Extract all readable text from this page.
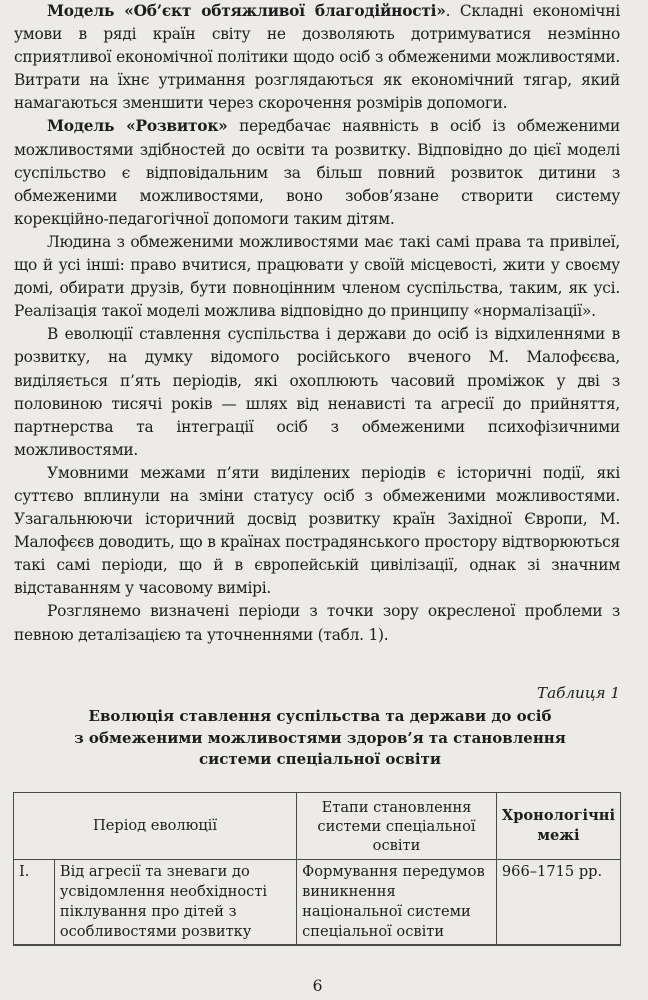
Модель «Об’єкт обтяжливої благодійності». Складні економічні умови в ряді країн світу не дозволяють дотримуватися незмінно сприятливої економічної політики щодо осіб з обмеженими можливостями. Витрати на їхнє утримання розглядаються як економічний тягар, який намагаються зменшити через скорочення розмірів допомоги.

Модель «Розвиток» передбачає наявність в осіб із обмеженими можливостями здібностей до освіти та розвитку. Відповідно до цієї моделі суспільство є відповідальним за більш повний розвиток дитини з обмеженими можливостями, воно зобов’язане створити систему корекційно-педагогічної допомоги таким дітям.

Людина з обмеженими можливостями має такі самі права та привілеї, що й усі інші: право вчитися, працювати у своїй місцевості, жити у своєму домі, обирати друзів, бути повноцінним членом суспільства, таким, як усі. Реалізація такої моделі можлива відповідно до принципу «нормалізації».

В еволюції ставлення суспільства і держави до осіб із відхиленнями в розвитку, на думку відомого російського вченого М. Малофєєва, виділяється п’ять періодів, які охоплюють часовий проміжок у дві з половиною тисячі років — шлях від ненависті та агресії до прийняття, партнерства та інтеграції осіб з обмеженими психофізичними можливостями.

Умовними межами п’яти виділених періодів є історичні події, які суттєво вплинули на зміни статусу осіб з обмеженими можливостями. Узагальнюючи історичний досвід розвитку країн Західної Європи, М. Малофєєв доводить, що в країнах пострадянського простору відтворюються такі самі періоди, що й в європейській цивілізації, однак зі значним відставанням у часовому вимірі.

Розглянемо визначені періоди з точки зору окресленої проблеми з певною деталізацією та уточненнями (табл. 1).

Таблиця 1
Еволюція ставлення суспільства та держави до осіб
з обмеженими можливостями здоров’я та становлення
системи спеціальної освіти
Період еволюції		Етапи становлення системи спеціальної освіти	Хронологічні межі
I.	Від агресії та зневаги до усвідомлення необхідності піклування про дітей з особливостями розвитку	Формування передумов виникнення національної системи спеціальної освіти	966–1715 рр.
6
